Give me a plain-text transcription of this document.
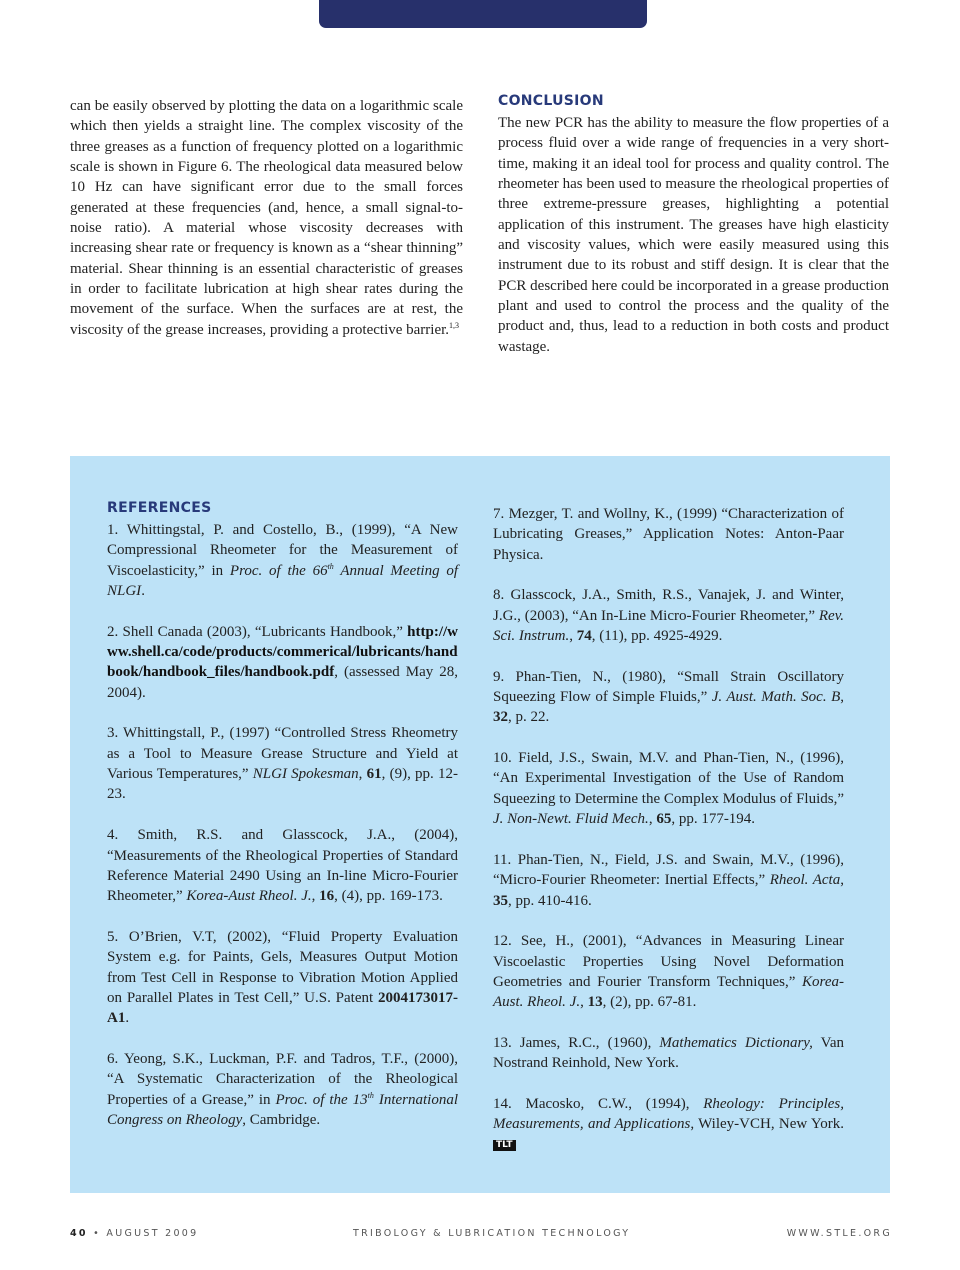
can be easily observed by plotting the data on a logarithmic scale which then yields a straight line. The complex viscosity of the three greases as a function of frequency plotted on a logarithmic scale is shown in Figure 6. The rheological data measured below 10 Hz can have significant error due to the small forces generated at these frequencies (and, hence, a small signal-to-noise ratio). A material whose viscosity decreases with increasing shear rate or frequency is known as a “shear thinning” material. Shear thinning is an essential characteristic of greases in order to facilitate lubrication at high shear rates during the movement of the surface. When the surfaces are at rest, the viscosity of the grease increases, providing a protective barrier.$^{1,3}$

CONCLUSION

The new PCR has the ability to measure the flow properties of a process fluid over a wide range of frequencies in a very short-time, making it an ideal tool for process and quality control. The rheometer has been used to measure the rheological properties of three extreme-pressure greases, highlighting a potential application of this instrument. The greases have high elasticity and viscosity values, which were easily measured using this instrument due to its robust and stiff design. It is clear that the PCR described here could be incorporated in a grease production plant and used to control the process and the quality of the product and, thus, lead to a reduction in both costs and product wastage.

REFERENCES

1. Whittingstal, P. and Costello, B., (1999), “A New Compressional Rheometer for the Measurement of Viscoelasticity,” in Proc. of the 66th Annual Meeting of NLGI.

2. Shell Canada (2003), “Lubricants Handbook,” http://www.shell.ca/code/products/commerical/lubricants/handbook/handbook_files/handbook.pdf, (assessed May 28, 2004).

3. Whittingstall, P., (1997) “Controlled Stress Rheometry as a Tool to Measure Grease Structure and Yield at Various Temperatures,” NLGI Spokesman, 61, (9), pp. 12-23.

4. Smith, R.S. and Glasscock, J.A., (2004), “Measurements of the Rheological Properties of Standard Reference Material 2490 Using an In-line Micro-Fourier Rheometer,” Korea-Aust Rheol. J., 16, (4), pp. 169-173.

5. O’Brien, V.T, (2002), “Fluid Property Evaluation System e.g. for Paints, Gels, Measures Output Motion from Test Cell in Response to Vibration Motion Applied on Parallel Plates in Test Cell,” U.S. Patent 2004173017-A1.

6. Yeong, S.K., Luckman, P.F. and Tadros, T.F., (2000), “A Systematic Characterization of the Rheological Properties of a Grease,” in Proc. of the 13th International Congress on Rheology, Cambridge.

7. Mezger, T. and Wollny, K., (1999) “Characterization of Lubricating Greases,” Application Notes: Anton-Paar Physica.

8. Glasscock, J.A., Smith, R.S., Vanajek, J. and Winter, J.G., (2003), “An In-Line Micro-Fourier Rheometer,” Rev. Sci. Instrum., 74, (11), pp. 4925-4929.

9. Phan-Tien, N., (1980), “Small Strain Oscillatory Squeezing Flow of Simple Fluids,” J. Aust. Math. Soc. B, 32, p. 22.

10. Field, J.S., Swain, M.V. and Phan-Tien, N., (1996), “An Experimental Investigation of the Use of Random Squeezing to Determine the Complex Modulus of Fluids,” J. Non-Newt. Fluid Mech., 65, pp. 177-194.

11. Phan-Tien, N., Field, J.S. and Swain, M.V., (1996), “Micro-Fourier Rheometer: Inertial Effects,” Rheol. Acta, 35, pp. 410-416.

12. See, H., (2001), “Advances in Measuring Linear Viscoelastic Properties Using Novel Deformation Geometries and Fourier Transform Techniques,” Korea-Aust. Rheol. J., 13, (2), pp. 67-81.

13. James, R.C., (1960), Mathematics Dictionary, Van Nostrand Reinhold, New York.

14. Macosko, C.W., (1994), Rheology: Principles, Measurements, and Applications, Wiley-VCH, New York. TLT

40 • AUGUST 2009	TRIBOLOGY & LUBRICATION TECHNOLOGY	WWW.STLE.ORG
